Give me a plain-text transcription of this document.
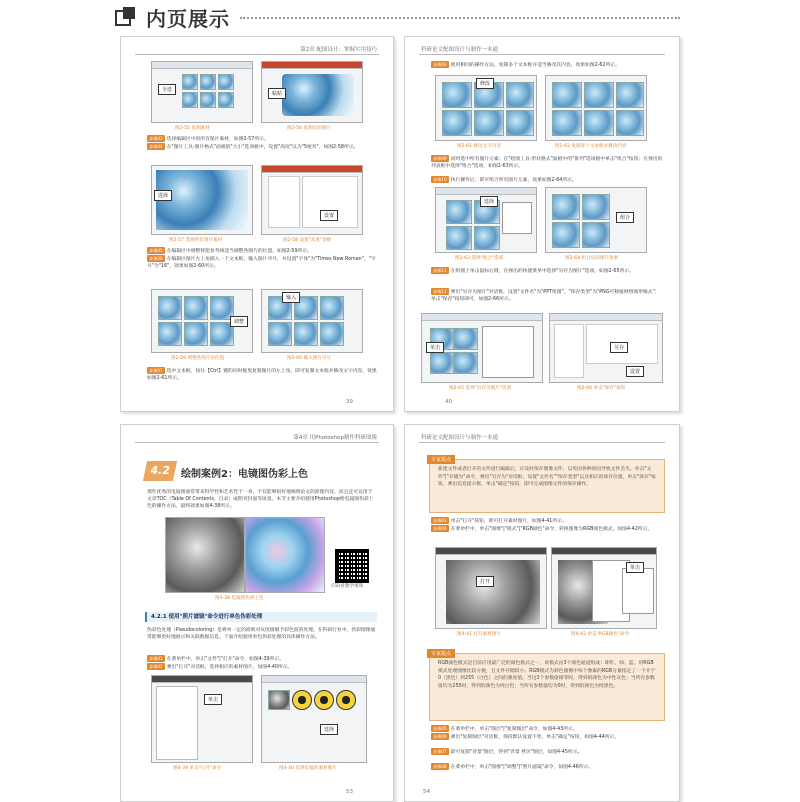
内页展示
第2章 配图设计：掌握实用技巧
全选
粘贴
图2-55 复制素材	图2-56 复制后的图片
步骤03 选择编辑区中的所有图片素材，如图2-57所示。
步骤04 在"图片工具-图片格式"面板的"大小"选项板中，设置"高度"以为"5厘米"，如图2-58所示。
选择
设置
图2-57 选择所有图片素材	图2-58 设置"高度"参数
步骤05 在编辑区中调整智能参考线适当调整各图片的位置，如图2-59所示。
步骤06 在编辑区图片左上角插入一个文本框，输入图片序号，并设置"字体"为"Times New Roman"，"字号"为"16"，效果如图2-60所示。
调整
输入
图2-59 调整各图片的位置	图2-60 输入图片序号
步骤07 选中文本框，按住【Ctrl】键的同时拖曳复制图片的左上角，即可复制文本框并修改文字内容，效果如图2-61所示。
39
科研论文配图设计与制作一本通
步骤08 使用相同的操作方法，复制多个文本框并适当修改其内容，效果如图2-62所示。
修改
图2-61 修改文字内容	图2-62 复制多个文本框并修改内容
步骤09 同时选中所有图片元素；在"绘图工具-形状格式"面板中的"排列"选项板中单击"组合"按钮；在弹出的列表框中选择"组合"选项，如图2-63所示。
步骤10 执行操作后，即可组合所有图片元素，效果如图2-64所示。
选择
组合
图2-63 选择"组合"选项	图2-64 组合后的图片效果
步骤11 在组图上单击鼠标右键，在弹出的快捷菜单中选择"另存为图片"选项，如图2-65所示。
步骤12 弹出"另存为图片"对话框，设置"文件名"为"PPT组图"，"保存类型"为"PNG可移植网络图形格式"；单击"保存"按钮即可，如图2-66所示。
单击	另存
设置
图2-65 选择"另存为图片"选项	图2-66 单击"保存"按钮
40
第4章 用Photoshop制作科研图像
4.2 绘制案例2：电镜图伪彩上色
那些优秀的电镜图通常带来科学性和艺术性于一身，不仅能够很好地阐明论文的原理内容，而且还可以用于文章TOC（Table Of Contents，目录）或期刊封面等场景。本节主要介绍使用Photoshop给电镜图伪彩上色的操作方法，最终效果如图4-38所示。
扫码看教学视频
图4-38 电镜图伪彩上色
4.2.1 使用"照片滤镜"命令进行单色伪彩处理
伪彩色处理（Pseudocoloring）是将单一定的准则对灰度级赋予彩色值的处理。在科研行业中，伪彩图像通常能够更好地展示和关联数据信息。下面介绍使用单色伪彩处理的具体操作方法。
步骤01 在菜单栏中，单击"文件"|"打开"命令，如图4-39所示。
步骤02 弹出"打开"对话框，选择相应的素材图片，如图4-40所示。
单击
选择
图4-39 单击"打开"命令	图4-40 选择电镜的素材图片
53
科研论文配图设计与制作一本通
新建文件或者打开的文件进行编辑后，应及时保存图像文件，以免因各种原因导致文件丢失。单击"文件"|"存储为"命令，弹出"另存为"对话框，设置"文件名""保存类型"以及相应的保存位置，单击"保存"按钮，弹出信息提示框，单击"确定"按钮，即可完成图像文件的保存操作。
专家提点
步骤03 单击"打开"按钮，即可打开素材图片，如图4-41所示。
步骤04 在菜单栏中，单击"图像"|"模式"|"RGB颜色"命令，转换图像为RGB颜色模式，如图4-42所示。
打开
单击
图4-41 打开素材图片	图4-42 单击"RGB颜色"命令
RGB颜色模式是目前应用最广泛的颜色模式之一，该模式由3个颜色通道组成：即红、绿、蓝。用RGB模式处理图像比较方便，且文件存储较小。RGB模式为彩色图像中每个像素的RGB分量指定了一个介于0（黑色）到255（白色）之间的强度值。当这3个参数值相等时，得到的颜色为中性灰色；当所有参数值均为255时，得到的颜色为纯白色；当所有参数值均为0时，得到的颜色为纯黑色。
专家提点
步骤05 在菜单栏中，单击"图层"|"复制图层"命令，如图4-43所示。
步骤06 弹出"复制图层"对话框，保持默认设置不变，单击"确定"按钮，如图4-44所示。
步骤07 即可复制"背景"图层，得到"背景 拷贝"图层，如图4-45所示。
步骤08 在菜单栏中，单击"图像"|"调整"|"照片滤镜"命令，如图4-46所示。
54
